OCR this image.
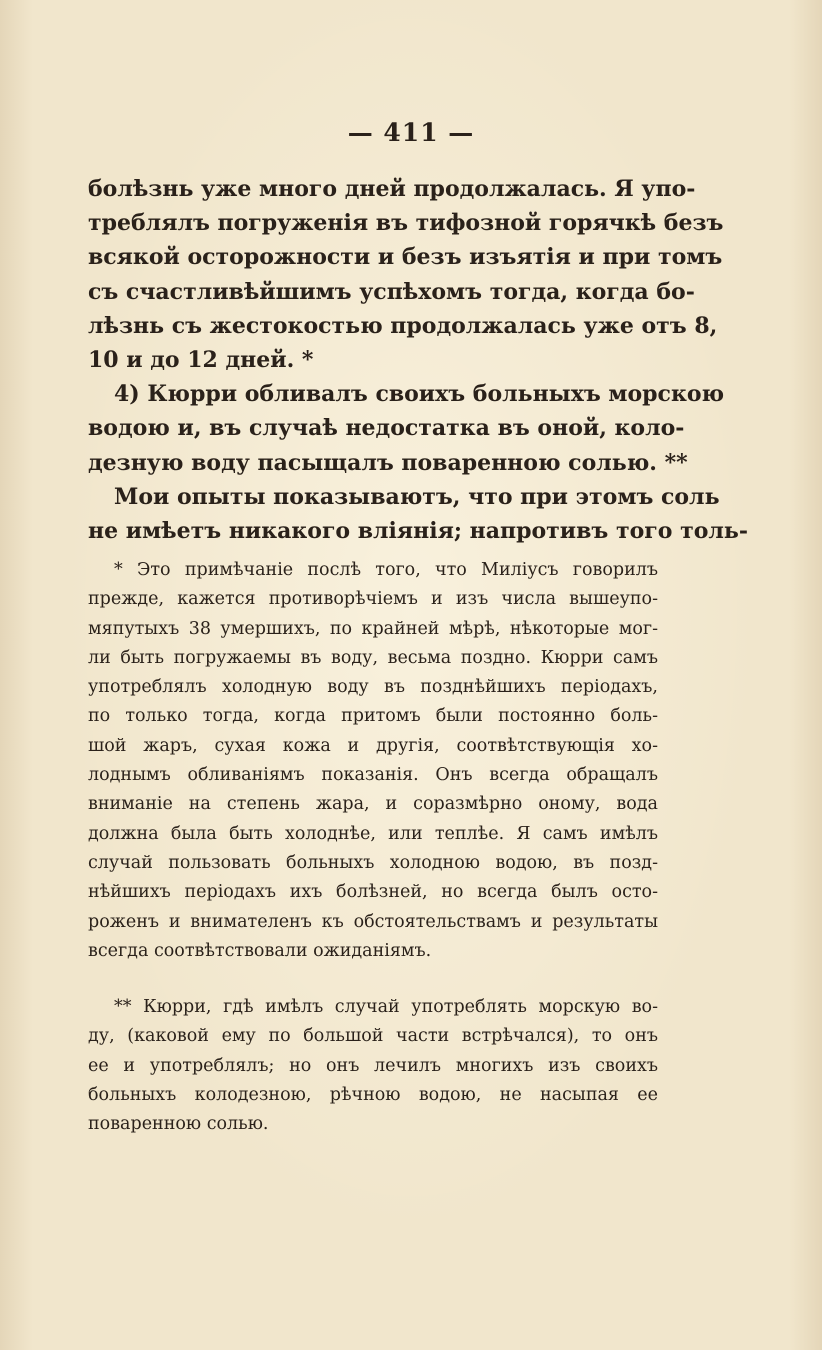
— 411 —
болѣзнь уже много дней продолжалась. Я упо-
треблялъ погруженія въ тифозной горячкѣ безъ
всякой осторожности и безъ изъятія и при томъ
съ счастливѣйшимъ успѣхомъ тогда, когда бо-
лѣзнь съ жестокостью продолжалась уже отъ 8,
10 и до 12 дней. *
4) Кюрри обливалъ своихъ больныхъ морскою
водою и, въ случаѣ недостатка въ оной, коло-
дезную воду пасыщалъ поваренною солью. **
Мои опыты показываютъ, что при этомъ соль
не имѣетъ никакого вліянія; напротивъ того толь-
* Это примѣчаніе послѣ того, что Миліусъ говорилъ
прежде, кажется противорѣчіемъ и изъ числа вышеупо-
мяпутыхъ 38 умершихъ, по крайней мѣрѣ, нѣкоторые мог-
ли быть погружаемы въ воду, весьма поздно. Кюрри самъ
употреблялъ холодную воду въ позднѣйшихъ періодахъ,
по только тогда, когда притомъ были постоянно боль-
шой жаръ, сухая кожа и другія, соотвѣтствующія хо-
лоднымъ обливаніямъ показанія. Онъ всегда обращалъ
вниманіе на степень жара, и соразмѣрно оному, вода
должна была быть холоднѣе, или теплѣе. Я самъ имѣлъ
случай пользовать больныхъ холодною водою, въ позд-
нѣйшихъ періодахъ ихъ болѣзней, но всегда былъ осто-
роженъ и внимателенъ къ обстоятельствамъ и результаты
всегда соотвѣтствовали ожиданіямъ.
** Кюрри, гдѣ имѣлъ случай употреблять морскую во-
ду, (каковой ему по большой части встрѣчался), то онъ
ее и употреблялъ; но онъ лечилъ многихъ изъ своихъ
больныхъ колодезною, рѣчною водою, не насыпая ее
поваренною солью.
